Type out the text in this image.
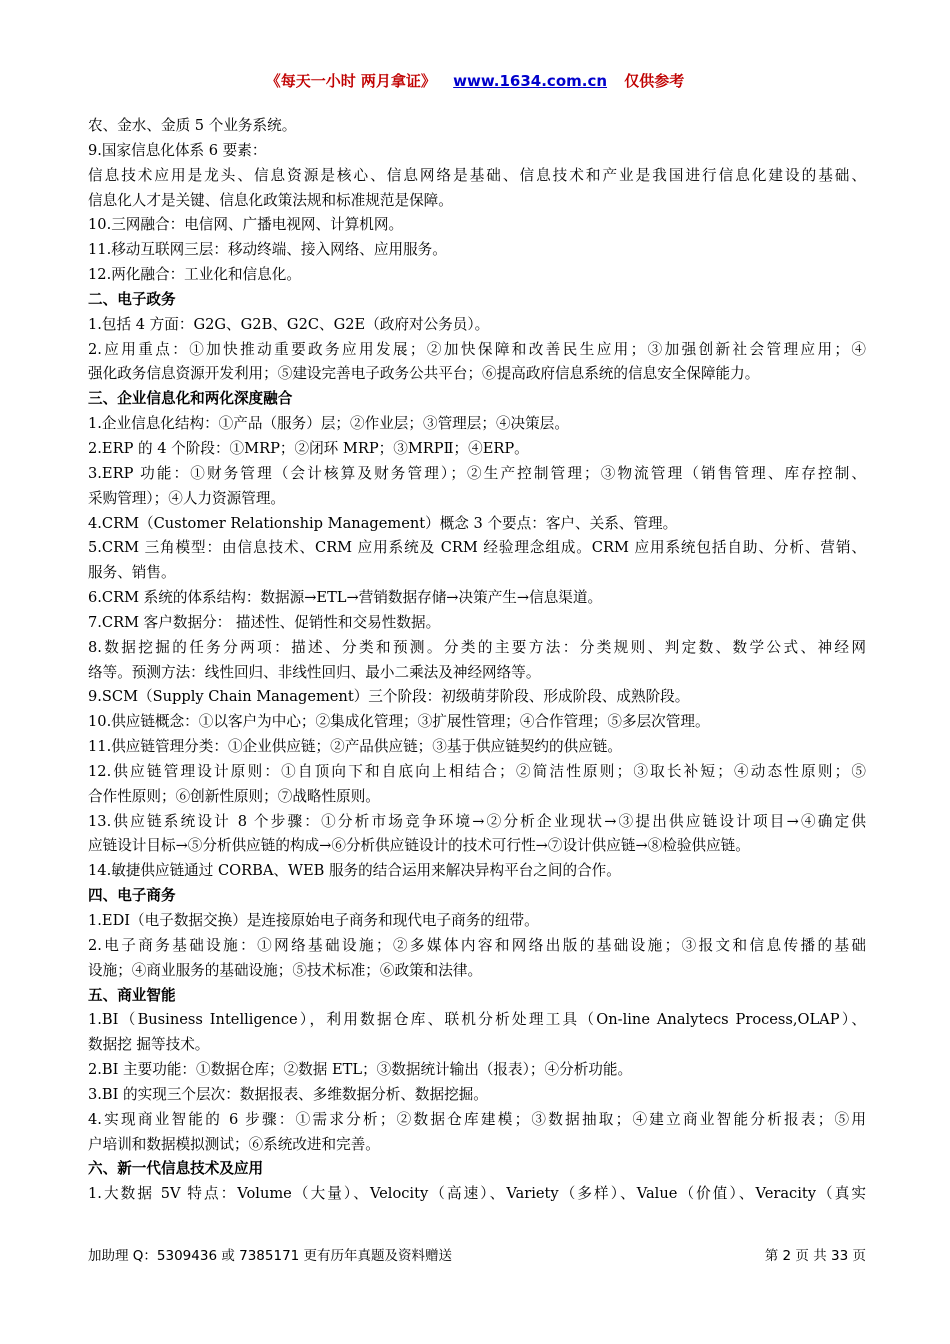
《每天一小时 两月拿证》 www.1634.com.cn 仅供参考
农、金水、金质 5 个业务系统。
9.国家信息化体系 6 要素：
信息技术应用是龙头、信息资源是核心、信息网络是基础、信息技术和产业是我国进行信息化建设的基础、
信息化人才是关键、信息化政策法规和标准规范是保障。
10.三网融合：电信网、广播电视网、计算机网。
11.移动互联网三层：移动终端、接入网络、应用服务。
12.两化融合：工业化和信息化。
二、电子政务
1.包括 4 方面：G2G、G2B、G2C、G2E（政府对公务员）。
2.应用重点：①加快推动重要政务应用发展；②加快保障和改善民生应用；③加强创新社会管理应用；④
强化政务信息资源开发利用；⑤建设完善电子政务公共平台；⑥提高政府信息系统的信息安全保障能力。
三、企业信息化和两化深度融合
1.企业信息化结构：①产品（服务）层；②作业层；③管理层；④决策层。
2.ERP 的 4 个阶段：①MRP；②闭环 MRP；③MRPⅡ；④ERP。
3.ERP 功能：①财务管理（会计核算及财务管理）；②生产控制管理；③物流管理（销售管理、库存控制、
采购管理）；④人力资源管理。
4.CRM（Customer Relationship Management）概念 3 个要点：客户、关系、管理。
5.CRM 三角模型：由信息技术、CRM 应用系统及 CRM 经验理念组成。CRM 应用系统包括自助、分析、营销、
服务、销售。
6.CRM 系统的体系结构：数据源→ETL→营销数据存储→决策产生→信息渠道。
7.CRM 客户数据分： 描述性、促销性和交易性数据。
8.数据挖掘的任务分两项：描述、分类和预测。分类的主要方法：分类规则、判定数、数学公式、神经网
络等。预测方法：线性回归、非线性回归、最小二乘法及神经网络等。
9.SCM（Supply Chain Management）三个阶段：初级萌芽阶段、形成阶段、成熟阶段。
10.供应链概念：①以客户为中心；②集成化管理；③扩展性管理；④合作管理；⑤多层次管理。
11.供应链管理分类：①企业供应链；②产品供应链；③基于供应链契约的供应链。
12.供应链管理设计原则：①自顶向下和自底向上相结合；②简洁性原则；③取长补短；④动态性原则；⑤
合作性原则；⑥创新性原则；⑦战略性原则。
13.供应链系统设计 8 个步骤：①分析市场竞争环境→②分析企业现状→③提出供应链设计项目→④确定供
应链设计目标→⑤分析供应链的构成→⑥分析供应链设计的技术可行性→⑦设计供应链→⑧检验供应链。
14.敏捷供应链通过 CORBA、WEB 服务的结合运用来解决异构平台之间的合作。
四、电子商务
1.EDI（电子数据交换）是连接原始电子商务和现代电子商务的纽带。
2.电子商务基础设施：①网络基础设施；②多媒体内容和网络出版的基础设施；③报文和信息传播的基础
设施；④商业服务的基础设施；⑤技术标准；⑥政策和法律。
五、商业智能
1.BI（Business Intelligence），利用数据仓库、联机分析处理工具（On-line Analytecs Process,OLAP）、
数据挖 掘等技术。
2.BI 主要功能：①数据仓库；②数据 ETL；③数据统计输出（报表）；④分析功能。
3.BI 的实现三个层次：数据报表、多维数据分析、数据挖掘。
4.实现商业智能的 6 步骤：①需求分析；②数据仓库建模；③数据抽取；④建立商业智能分析报表；⑤用
户培训和数据模拟测试；⑥系统改进和完善。
六、新一代信息技术及应用
1.大数据 5V 特点：Volume（大量）、Velocity（高速）、Variety（多样）、Value（价值）、Veracity（真实
加助理 Q：5309436 或 7385171 更有历年真题及资料赠送	第 2 页 共 33 页
